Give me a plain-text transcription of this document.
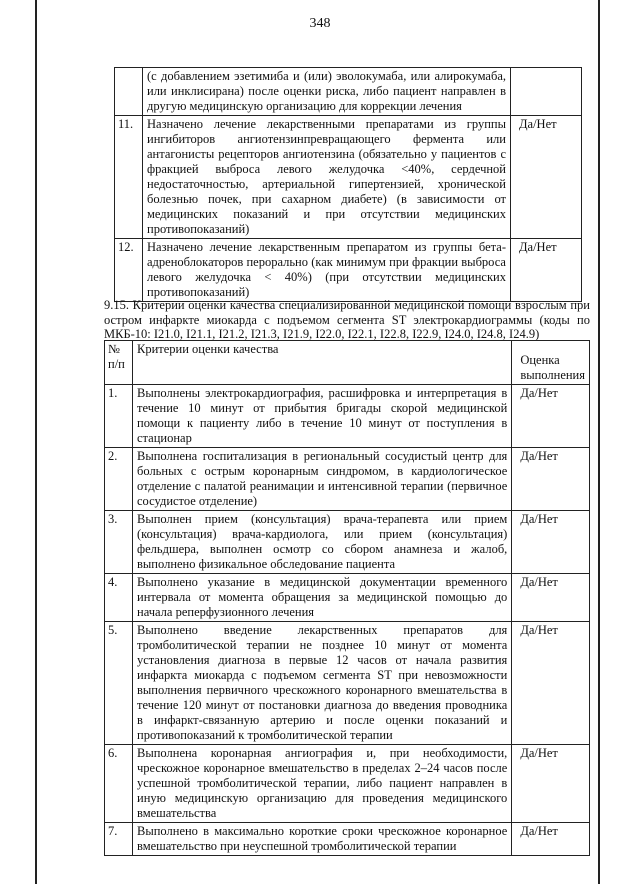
348
	(с добавлением эзетимиба и (или) эволокумаба, или алирокумаба, или инклисирана) после оценки риска, либо пациент направлен в другую медицинскую организацию для коррекции лечения	
11.	Назначено лечение лекарственными препаратами из группы ингибиторов ангиотензинпревращающего фермента или антагонисты рецепторов ангиотензина (обязательно у пациентов с фракцией выброса левого желудочка <40%, сердечной недостаточностью, артериальной гипертензией, хронической болезнью почек, при сахарном диабете) (в зависимости от медицинских показаний и при отсутствии медицинских противопоказаний)	Да/Нет
12.	Назначено лечение лекарственным препаратом из группы бета-адреноблокаторов перорально (как минимум при фракции выброса левого желудочка < 40%) (при отсутствии медицинских противопоказаний)	Да/Нет
9.15. Критерии оценки качества специализированной медицинской помощи взрослым при остром инфаркте миокарда с подъемом сегмента ST электрокардиограммы (коды по МКБ-10: I21.0, I21.1, I21.2, I21.3, I21.9, I22.0, I22.1, I22.8, I22.9, I24.0, I24.8, I24.9)
№ п/п	Критерии оценки качества	Оценка выполнения
1.	Выполнены электрокардиография, расшифровка и интерпретация в течение 10 минут от прибытия бригады скорой медицинской помощи к пациенту либо в течение 10 минут от поступления в стационар	Да/Нет
2.	Выполнена госпитализация в региональный сосудистый центр для больных с острым коронарным синдромом, в кардиологическое отделение с палатой реанимации и интенсивной терапии (первичное сосудистое отделение)	Да/Нет
3.	Выполнен прием (консультация) врача-терапевта или прием (консультация) врача-кардиолога, или прием (консультация) фельдшера, выполнен осмотр со сбором анамнеза и жалоб, выполнено физикальное обследование пациента	Да/Нет
4.	Выполнено указание в медицинской документации временного интервала от момента обращения за медицинской помощью до начала реперфузионного лечения	Да/Нет
5.	Выполнено введение лекарственных препаратов для тромболитической терапии не позднее 10 минут от момента установления диагноза в первые 12 часов от начала развития инфаркта миокарда с подъемом сегмента ST при невозможности выполнения первичного чрескожного коронарного вмешательства в течение 120 минут от постановки диагноза до введения проводника в инфаркт-связанную артерию и после оценки показаний и противопоказаний к тромболитической терапии	Да/Нет
6.	Выполнена коронарная ангиография и, при необходимости, чрескожное коронарное вмешательство в пределах 2–24 часов после успешной тромболитической терапии, либо пациент направлен в иную медицинскую организацию для проведения медицинского вмешательства	Да/Нет
7.	Выполнено в максимально короткие сроки чрескожное коронарное вмешательство при неуспешной тромболитической терапии	Да/Нет
